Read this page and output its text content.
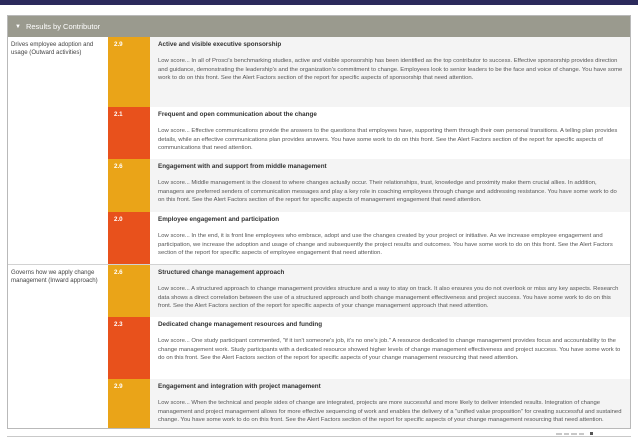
▼ Results by Contributor
Drives employee adoption and usage (Outward activities)
2.9	Active and visible executive sponsorship
Low score... In all of Prosci's benchmarking studies, active and visible sponsorship has been identified as the top contributor to success. Effective sponsorship provides direction and guidance, demonstrating the leadership's and the organization's commitment to change. Employees look to senior leaders to be the face and voice of change. You have some work to do on this front. See the Alert Factors section of the report for specific aspects of sponsorship that need attention.
2.1	Frequent and open communication about the change
Low score... Effective communications provide the answers to the questions that employees have, supporting them through their own personal transitions. A telling plan provides details, while an effective communications plan provides answers. You have some work to do on this front. See the Alert Factors section of the report for specific aspects of communications that need attention.
2.6	Engagement with and support from middle management
Low score... Middle management is the closest to where changes actually occur. Their relationships, trust, knowledge and proximity make them crucial allies. In addition, managers are preferred senders of communication messages and play a key role in coaching employees through change and addressing resistance. You have some work to do on this front. See the Alert Factors section of the report for specific aspects of management engagement that need attention.
2.0	Employee engagement and participation
Low score... In the end, it is front line employees who embrace, adopt and use the changes created by your project or initiative. As we increase employee engagement and participation, we increase the adoption and usage of change and subsequently the project results and outcomes. You have some work to do on this front. See the Alert Factors section of the report for specific aspects of employee engagement that need attention.
Governs how we apply change management (Inward approach)
2.6	Structured change management approach
Low score... A structured approach to change management provides structure and a way to stay on track. It also ensures you do not overlook or miss any key aspects. Research data shows a direct correlation between the use of a structured approach and both change management effectiveness and project success. You have some work to do on this front. See the Alert Factors section of the report for specific aspects of your change management approach that need attention.
2.3	Dedicated change management resources and funding
Low score... One study participant commented, "if it isn't someone's job, it's no one's job." A resource dedicated to change management provides focus and accountability to the change management work. Study participants with a dedicated resource showed higher levels of change management effectiveness and project success. You have some work to do on this front. See the Alert Factors section of the report for specific aspects of your change management resourcing that need attention.
2.9	Engagement and integration with project management
Low score... When the technical and people sides of change are integrated, projects are more successful and more likely to deliver intended results. Integration of change management and project management allows for more effective sequencing of work and enables the delivery of a "unified value proposition" for creating successful and sustained change. You have some work to do on this front. See the Alert Factors section of the report for specific aspects of your change management resourcing that need attention.
